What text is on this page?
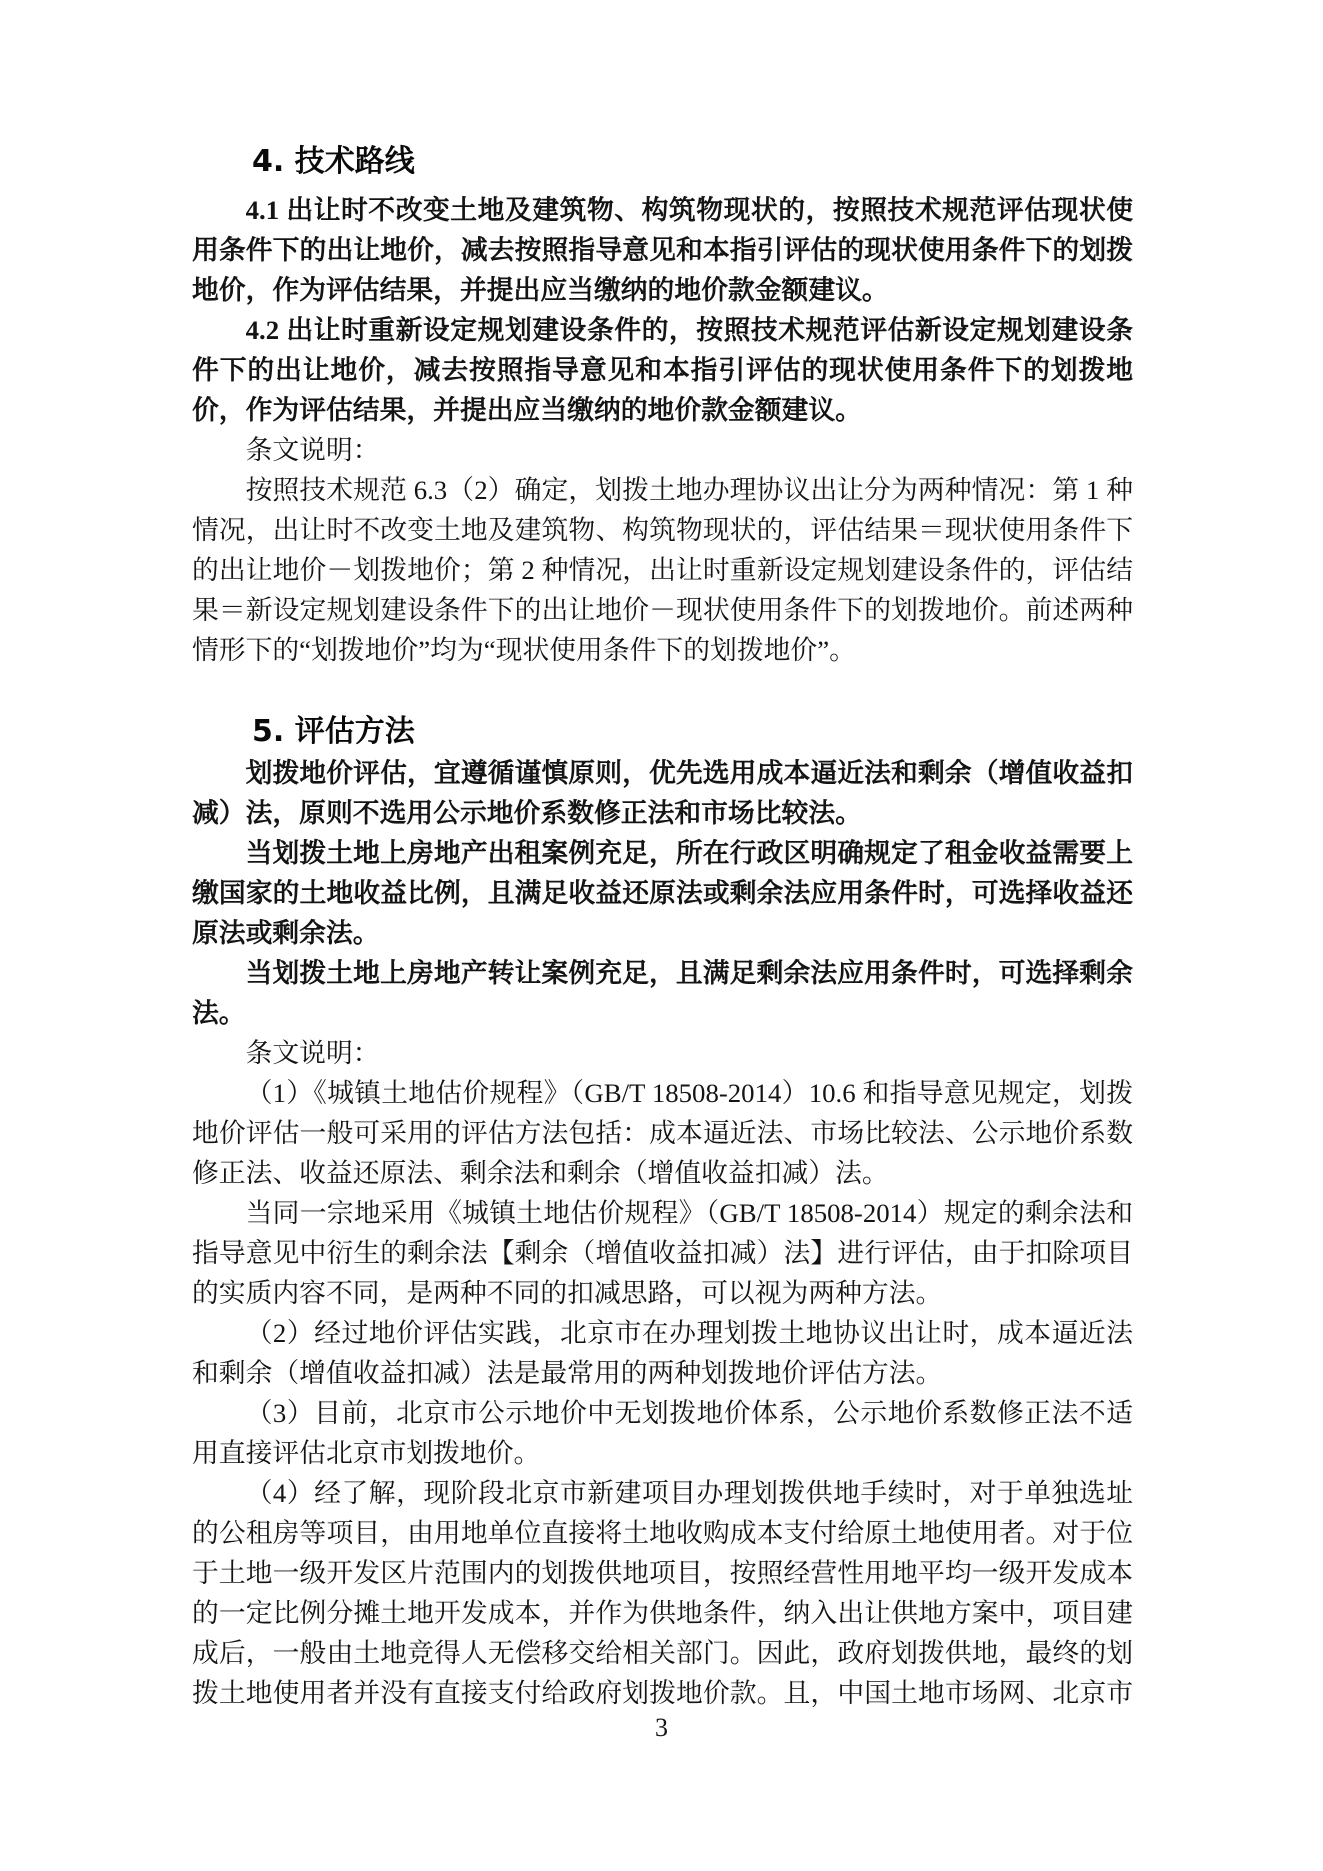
4. 技术路线

4.1 出让时不改变土地及建筑物、构筑物现状的，按照技术规范评估现状使用条件下的出让地价，减去按照指导意见和本指引评估的现状使用条件下的划拨地价，作为评估结果，并提出应当缴纳的地价款金额建议。

4.2 出让时重新设定规划建设条件的，按照技术规范评估新设定规划建设条件下的出让地价，减去按照指导意见和本指引评估的现状使用条件下的划拨地价，作为评估结果，并提出应当缴纳的地价款金额建议。

条文说明：

按照技术规范 6.3（2）确定，划拨土地办理协议出让分为两种情况：第 1 种情况，出让时不改变土地及建筑物、构筑物现状的，评估结果＝现状使用条件下的出让地价－划拨地价；第 2 种情况，出让时重新设定规划建设条件的，评估结果＝新设定规划建设条件下的出让地价－现状使用条件下的划拨地价。前述两种情形下的“划拨地价”均为“现状使用条件下的划拨地价”。

5. 评估方法

划拨地价评估，宜遵循谨慎原则，优先选用成本逼近法和剩余（增值收益扣减）法，原则不选用公示地价系数修正法和市场比较法。

当划拨土地上房地产出租案例充足，所在行政区明确规定了租金收益需要上缴国家的土地收益比例，且满足收益还原法或剩余法应用条件时，可选择收益还原法或剩余法。

当划拨土地上房地产转让案例充足，且满足剩余法应用条件时，可选择剩余法。

条文说明：

（1）《城镇土地估价规程》（GB/T 18508-2014）10.6 和指导意见规定，划拨地价评估一般可采用的评估方法包括：成本逼近法、市场比较法、公示地价系数修正法、收益还原法、剩余法和剩余（增值收益扣减）法。

当同一宗地采用《城镇土地估价规程》（GB/T 18508-2014）规定的剩余法和指导意见中衍生的剩余法【剩余（增值收益扣减）法】进行评估，由于扣除项目的实质内容不同，是两种不同的扣减思路，可以视为两种方法。

（2）经过地价评估实践，北京市在办理划拨土地协议出让时，成本逼近法和剩余（增值收益扣减）法是最常用的两种划拨地价评估方法。

（3）目前，北京市公示地价中无划拨地价体系，公示地价系数修正法不适用直接评估北京市划拨地价。

（4）经了解，现阶段北京市新建项目办理划拨供地手续时，对于单独选址的公租房等项目，由用地单位直接将土地收购成本支付给原土地使用者。对于位于土地一级开发区片范围内的划拨供地项目，按照经营性用地平均一级开发成本的一定比例分摊土地开发成本，并作为供地条件，纳入出让供地方案中，项目建成后，一般由土地竞得人无偿移交给相关部门。因此，政府划拨供地，最终的划拨土地使用者并没有直接支付给政府划拨地价款。且，中国土地市场网、北京市

3
